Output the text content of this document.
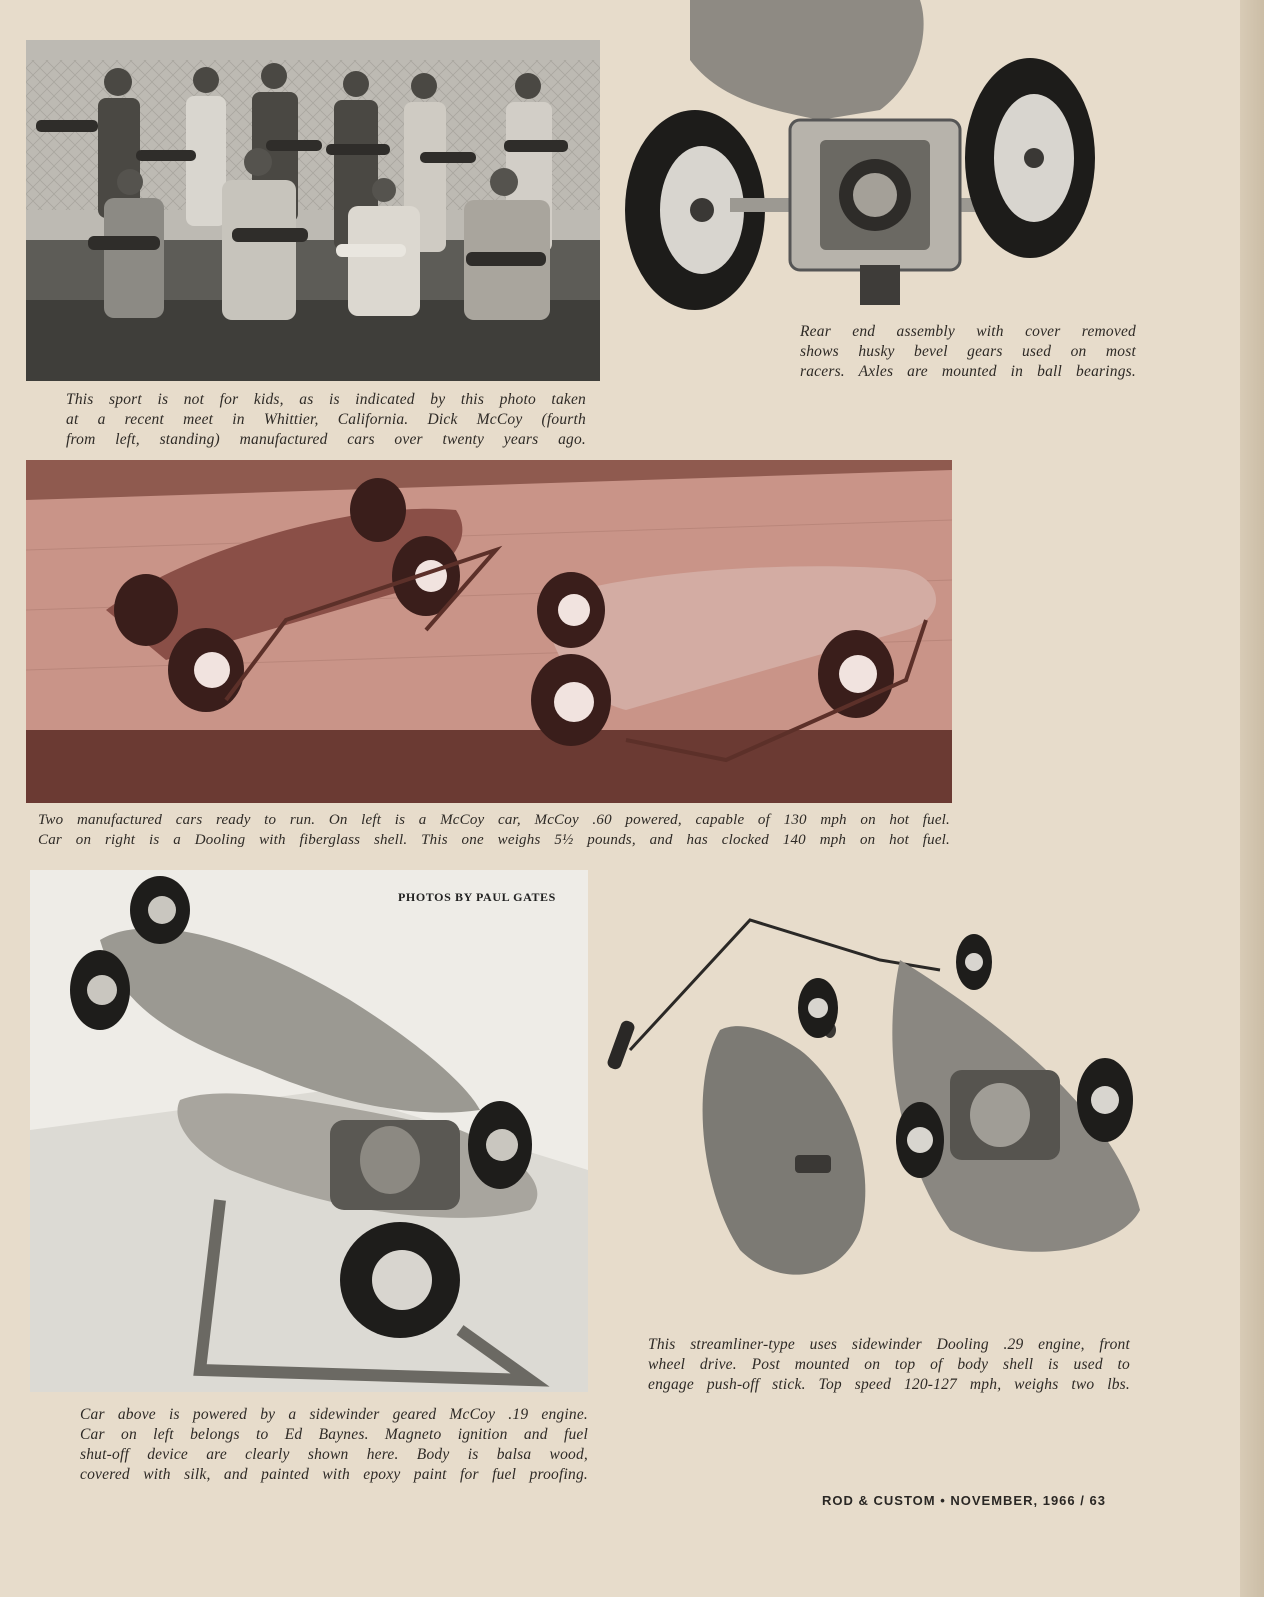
This sport is not for kids, as is indicated by this photo taken
at a recent meet in Whittier, California. Dick McCoy (fourth
from left, standing) manufactured cars over twenty years ago.
Rear end assembly with cover removed
shows husky bevel gears used on most
racers. Axles are mounted in ball bearings.
Two manufactured cars ready to run. On left is a McCoy car, McCoy .60 powered, capable of 130 mph on hot fuel.
Car on right is a Dooling with fiberglass shell. This one weighs 5½ pounds, and has clocked 140 mph on hot fuel.
PHOTOS BY PAUL GATES
Car above is powered by a sidewinder geared McCoy .19 engine.
Car on left belongs to Ed Baynes. Magneto ignition and fuel
shut-off device are clearly shown here. Body is balsa wood,
covered with silk, and painted with epoxy paint for fuel proofing.
This streamliner-type uses sidewinder Dooling .29 engine, front
wheel drive. Post mounted on top of body shell is used to
engage push-off stick. Top speed 120-127 mph, weighs two lbs.
ROD & CUSTOM • NOVEMBER, 1966 / 63
